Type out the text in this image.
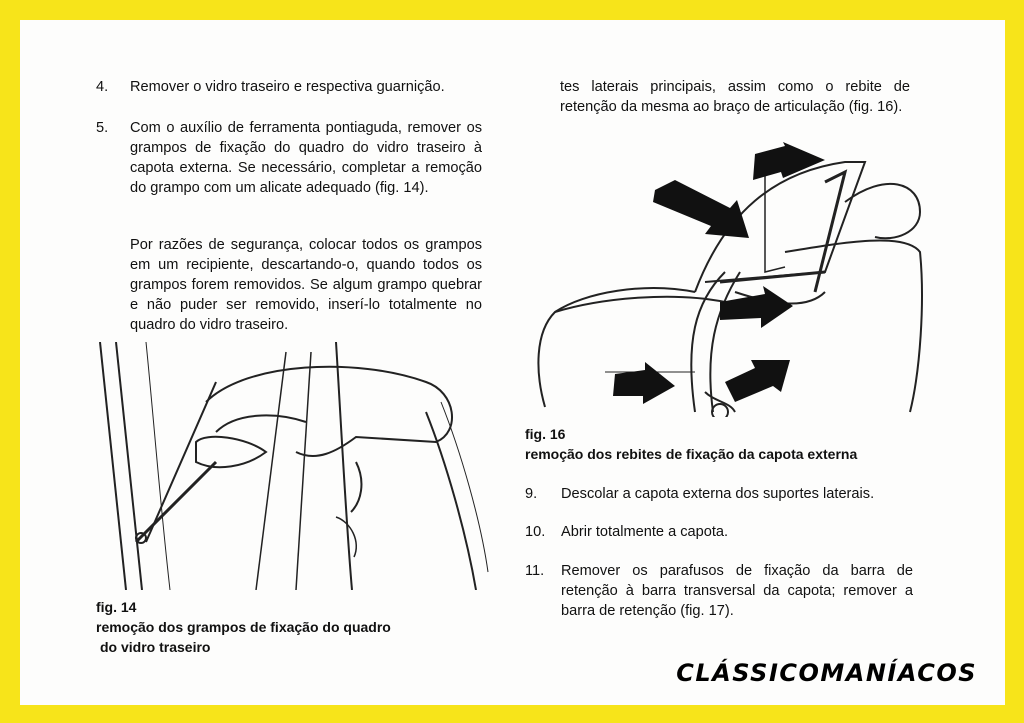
4. Remover o vidro traseiro e respectiva guarnição.
5. Com o auxílio de ferramenta pontiaguda, remover os grampos de fixação do quadro do vidro traseiro à capota externa. Se necessário, completar a remoção do grampo com um alicate adequado (fig. 14).
Por razões de segurança, colocar todos os grampos em um recipiente, descartando-o, quando todos os grampos forem removidos. Se algum grampo quebrar e não puder ser removido, inserí-lo totalmente no quadro do vidro traseiro.
fig. 14
remoção dos grampos de fixação do quadro
do vidro traseiro
tes laterais principais, assim como o rebite de retenção da mesma ao braço de articulação (fig. 16).
fig. 16
remoção dos rebites de fixação da capota externa
9. Descolar a capota externa dos suportes laterais.
10. Abrir totalmente a capota.
11. Remover os parafusos de fixação da barra de retenção à barra transversal da capota; remover a barra de retenção (fig. 17).
CLÁSSICOMANÍACOS
